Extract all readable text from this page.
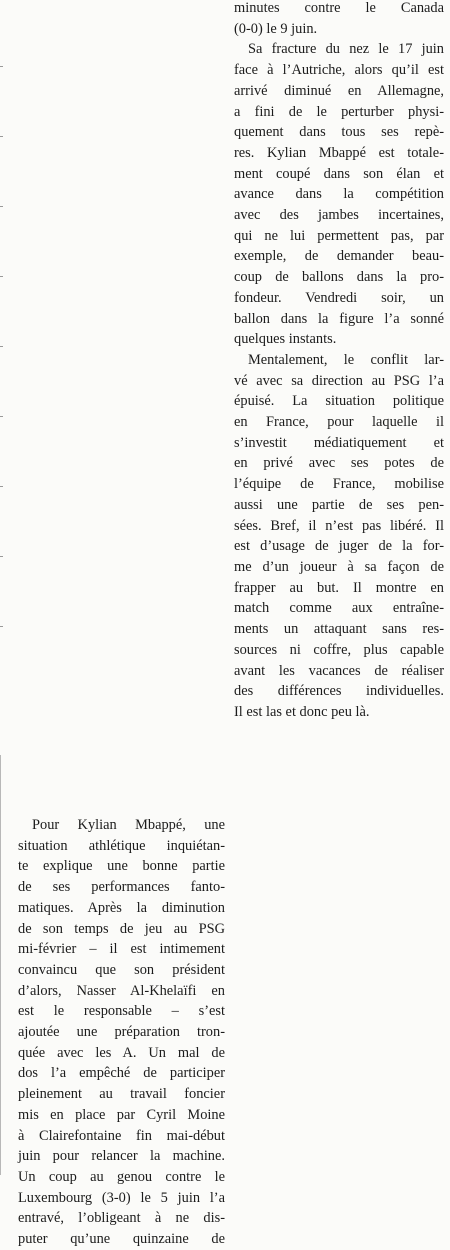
minutes contre le Canada
(0-0) le 9 juin.
Sa fracture du nez le 17 juin
face à l’Autriche, alors qu’il est
arrivé diminué en Allemagne,
a fini de le perturber physi-
quement dans tous ses repè-
res. Kylian Mbappé est totale-
ment coupé dans son élan et
avance dans la compétition
avec des jambes incertaines,
qui ne lui permettent pas, par
exemple, de demander beau-
coup de ballons dans la pro-
fondeur. Vendredi soir, un
ballon dans la figure l’a sonné
quelques instants.
Mentalement, le conflit lar-
vé avec sa direction au PSG l’a
épuisé. La situation politique
en France, pour laquelle il
s’investit médiatiquement et
en privé avec ses potes de
l’équipe de France, mobilise
aussi une partie de ses pen-
sées. Bref, il n’est pas libéré. Il
est d’usage de juger de la for-
me d’un joueur à sa façon de
frapper au but. Il montre en
match comme aux entraîne-
ments un attaquant sans res-
sources ni coffre, plus capable
avant les vacances de réaliser
des différences individuelles.
Il est las et donc peu là.
Pour Kylian Mbappé, une
situation athlétique inquiétan-
te explique une bonne partie
de ses performances fanto-
matiques. Après la diminution
de son temps de jeu au PSG
mi-février – il est intimement
convaincu que son président
d’alors, Nasser Al-Khelaïfi en
est le responsable – s’est
ajoutée une préparation tron-
quée avec les A. Un mal de
dos l’a empêché de participer
pleinement au travail foncier
mis en place par Cyril Moine
à Clairefontaine fin mai-début
juin pour relancer la machine.
Un coup au genou contre le
Luxembourg (3-0) le 5 juin l’a
entravé, l’obligeant à ne dis-
puter qu’une quinzaine de
